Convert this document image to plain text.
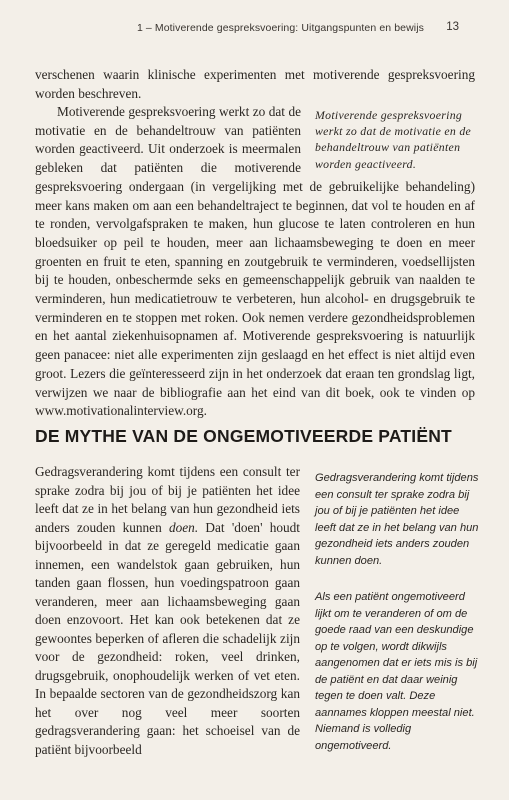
1 – Motiverende gespreksvoering: Uitgangspunten en bewijs 13

verschenen waarin klinische experimenten met motiverende gespreksvoering worden beschreven.

Motiverende gespreksvoering werkt zo dat de motivatie en de behandeltrouw van patiënten worden geactiveerd.

Motiverende gespreksvoering werkt zo dat de motivatie en de behandeltrouw van patiënten worden geactiveerd. Uit onderzoek is meermalen gebleken dat patiënten die motiverende gespreksvoering ondergaan (in vergelijking met de gebruikelijke behandeling) meer kans maken om aan een behandeltraject te beginnen, dat vol te houden en af te ronden, vervolgafspraken te maken, hun glucose te laten controleren en hun bloedsuiker op peil te houden, meer aan lichaamsbeweging te doen en meer groenten en fruit te eten, spanning en zoutgebruik te verminderen, voedsellijsten bij te houden, onbeschermde seks en gemeenschappelijk gebruik van naalden te verminderen, hun medicatietrouw te verbeteren, hun alcohol- en drugsgebruik te verminderen en te stoppen met roken. Ook nemen verdere gezondheidsproblemen en het aantal ziekenhuisopnamen af. Motiverende gespreksvoering is natuurlijk geen panacee: niet alle experimenten zijn geslaagd en het effect is niet altijd even groot. Lezers die geïnteresseerd zijn in het onderzoek dat eraan ten grondslag ligt, verwijzen we naar de bibliografie aan het eind van dit boek, ook te vinden op www.motivationalinterview.org.

DE MYTHE VAN DE ONGEMOTIVEERDE PATIËNT

Gedragsverandering komt tijdens een consult ter sprake zodra bij jou of bij je patiënten het idee leeft dat ze in het belang van hun gezondheid iets anders zouden kunnen doen. Dat 'doen' houdt bijvoorbeeld in dat ze geregeld medicatie gaan innemen, een wandelstok gaan gebruiken, hun tanden gaan flossen, hun voedingspatroon gaan veranderen, meer aan lichaamsbeweging gaan doen enzovoort. Het kan ook betekenen dat ze gewoontes beperken of afleren die schadelijk zijn voor de gezondheid: roken, veel drinken, drugsgebruik, onophoudelijk werken of vet eten. In bepaalde sectoren van de gezondheidszorg kan het over nog veel meer soorten gedragsverandering gaan: het schoeisel van de patiënt bijvoorbeeld

Gedragsverandering komt tijdens een consult ter sprake zodra bij jou of bij je patiënten het idee leeft dat ze in het belang van hun gezondheid iets anders zouden kunnen doen.

Als een patiënt ongemotiveerd lijkt om te veranderen of om de goede raad van een deskundige op te volgen, wordt dikwijls aangenomen dat er iets mis is bij de patiënt en dat daar weinig tegen te doen valt. Deze aannames kloppen meestal niet. Niemand is volledig ongemotiveerd.
